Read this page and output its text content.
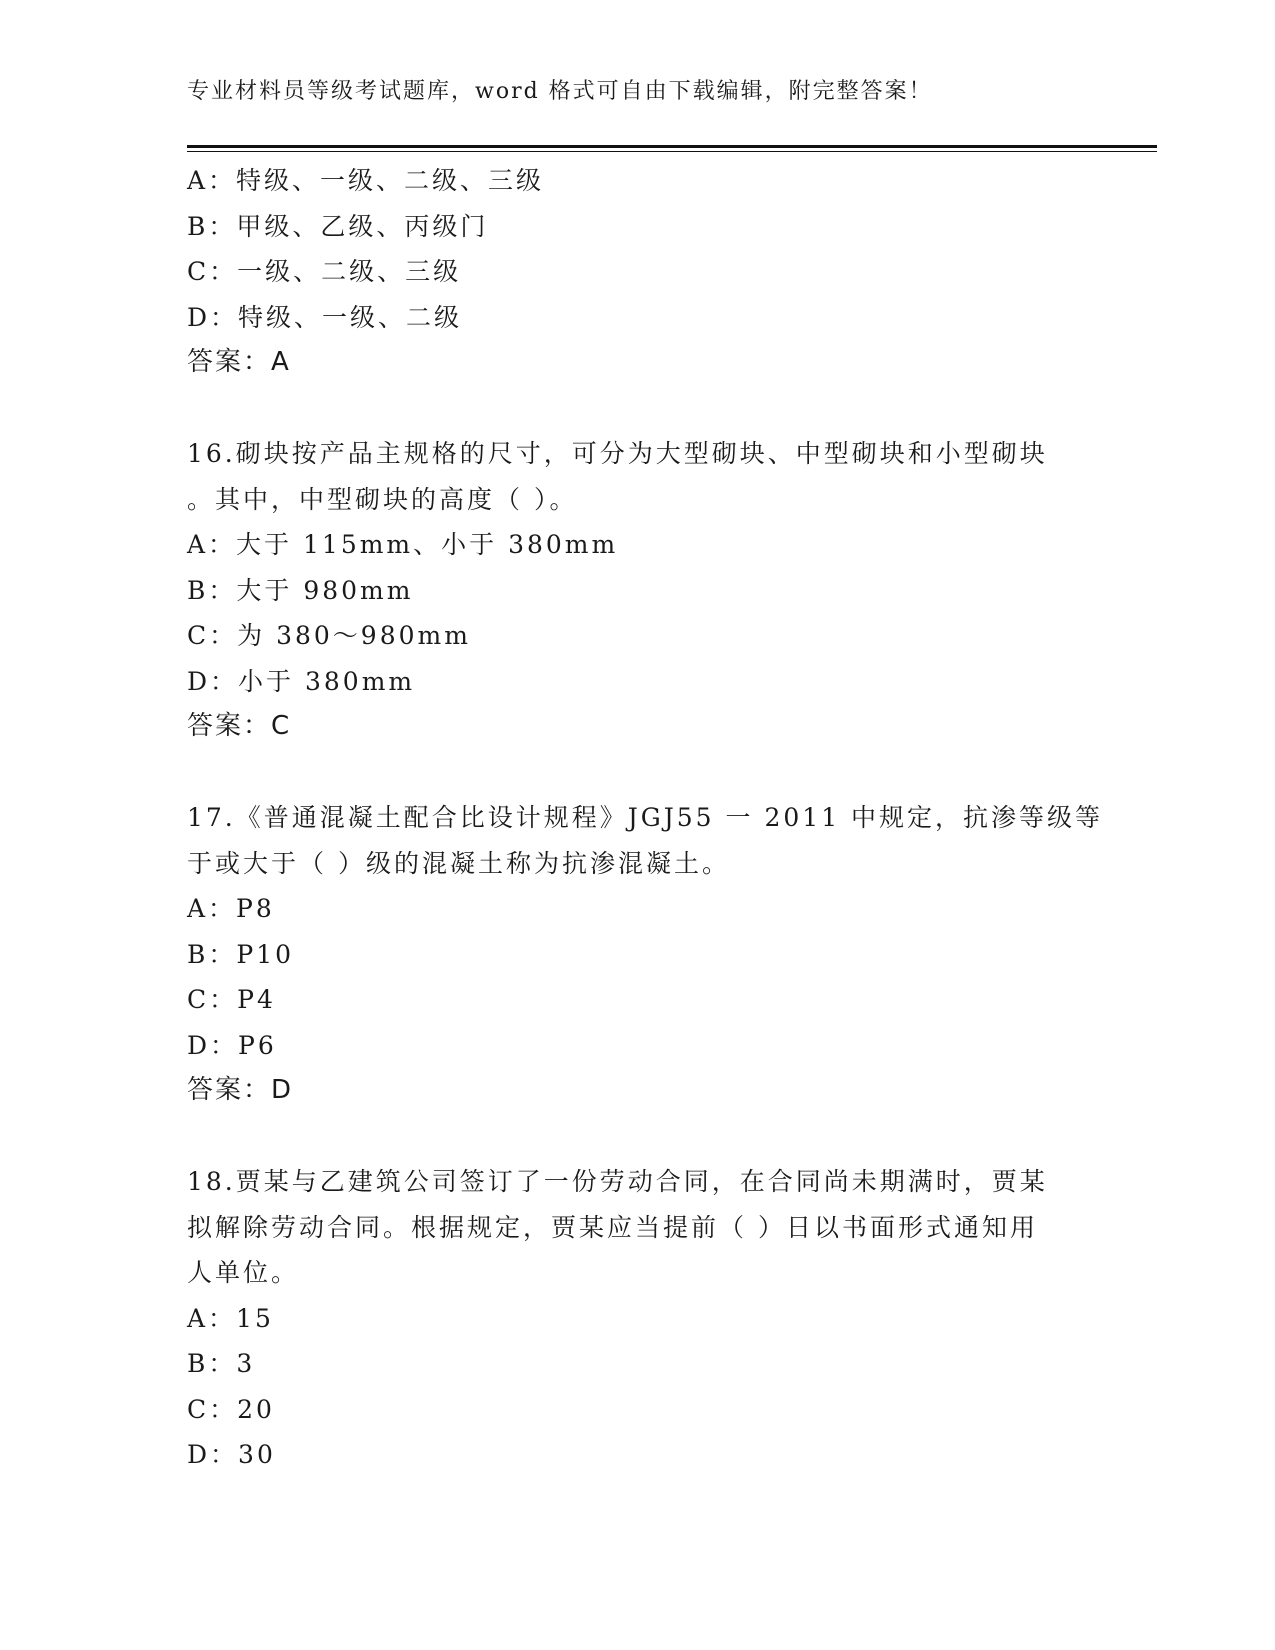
专业材料员等级考试题库，word 格式可自由下载编辑，附完整答案！
A：特级、一级、二级、三级
B：甲级、乙级、丙级门
C：一级、二级、三级
D：特级、一级、二级
答案：A
16.砌块按产品主规格的尺寸，可分为大型砌块、中型砌块和小型砌块
。其中，中型砌块的高度（ ）。
A：大于 115mm、小于 380mm
B：大于 980mm
C：为 380～980mm
D：小于 380mm
答案：C
17.《普通混凝土配合比设计规程》JGJ55 一 2011 中规定，抗渗等级等
于或大于（ ）级的混凝土称为抗渗混凝土。
A：P8
B：P10
C：P4
D：P6
答案：D
18.贾某与乙建筑公司签订了一份劳动合同，在合同尚未期满时，贾某
拟解除劳动合同。根据规定，贾某应当提前（ ）日以书面形式通知用
人单位。
A：15
B：3
C：20
D：30
